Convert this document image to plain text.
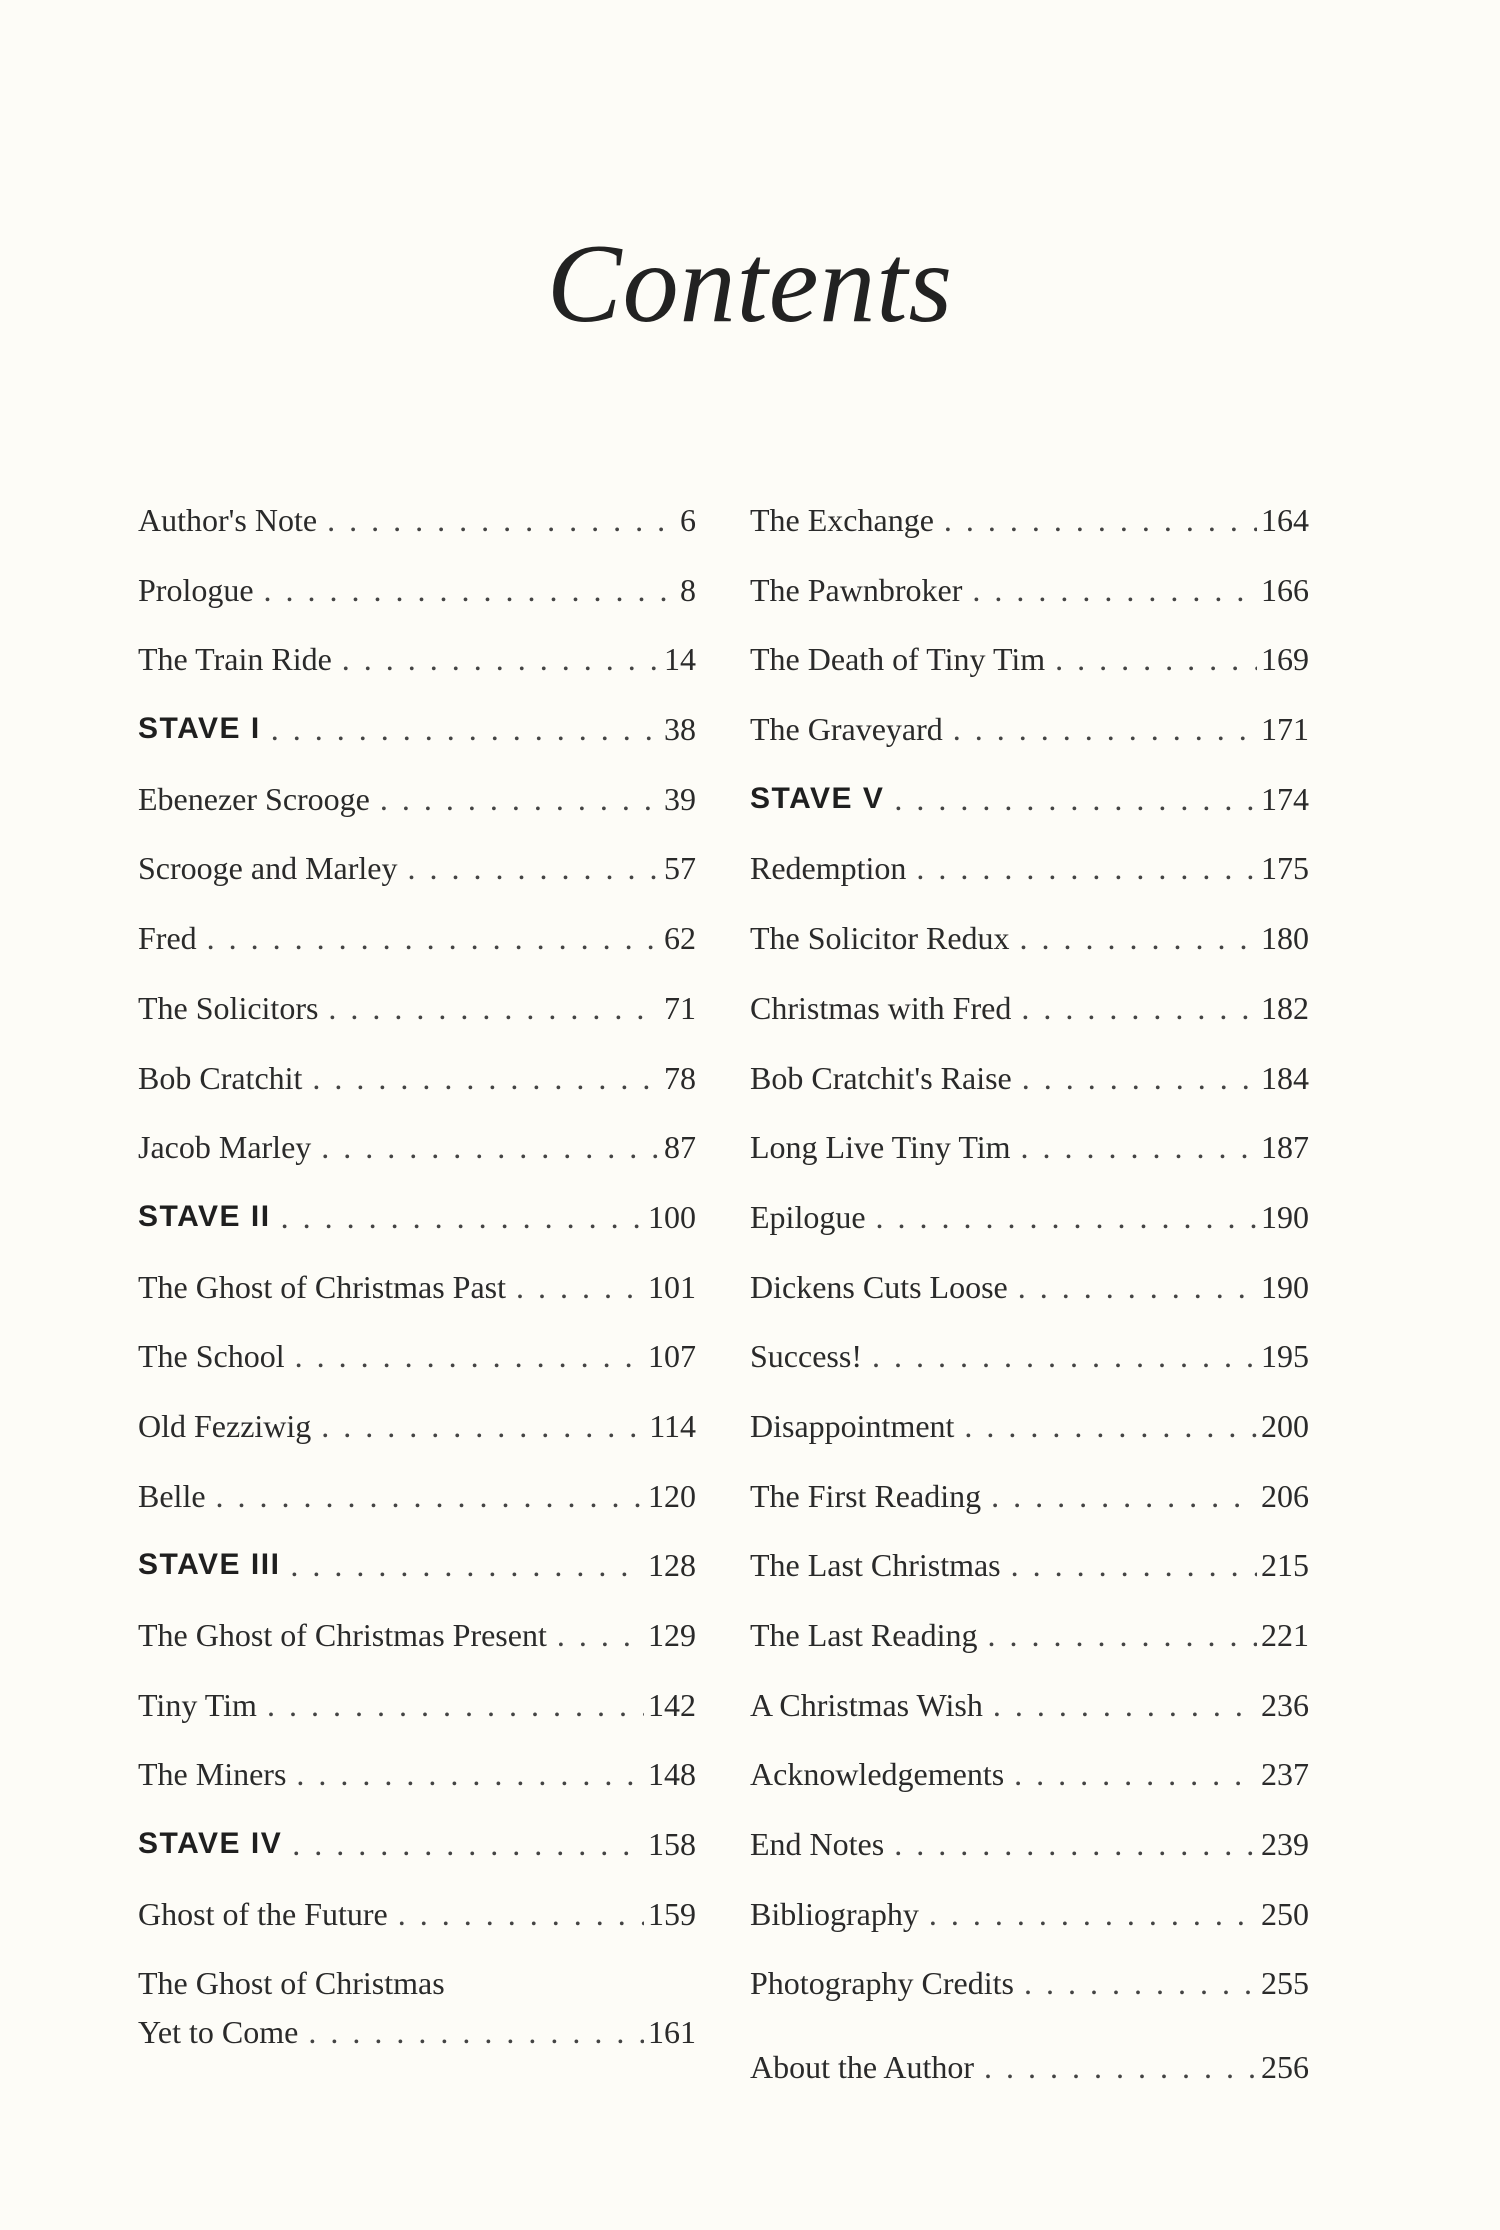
Contents
Author's Note . . .	6
Prologue . . .	8
The Train Ride . . .	14
STAVE I . . .	38
Ebenezer Scrooge . . .	39
Scrooge and Marley . . .	57
Fred . . .	62
The Solicitors . . .	71
Bob Cratchit . . .	78
Jacob Marley . . .	87
STAVE II . . .	100
The Ghost of Christmas Past . . .	101
The School . . .	107
Old Fezziwig . . .	114
Belle . . .	120
STAVE III . . .	128
The Ghost of Christmas Present . . .	129
Tiny Tim . . .	142
The Miners . . .	148
STAVE IV . . .	158
Ghost of the Future . . .	159
The Ghost of Christmas
Yet to Come . . .	161
The Exchange . . .	164
The Pawnbroker . . .	166
The Death of Tiny Tim . . .	169
The Graveyard . . .	171
STAVE V . . .	174
Redemption . . .	175
The Solicitor Redux . . .	180
Christmas with Fred . . .	182
Bob Cratchit's Raise . . .	184
Long Live Tiny Tim . . .	187
Epilogue . . .	190
Dickens Cuts Loose . . .	190
Success! . . .	195
Disappointment . . .	200
The First Reading . . .	206
The Last Christmas . . .	215
The Last Reading . . .	221
A Christmas Wish . . .	236
Acknowledgements . . .	237
End Notes . . .	239
Bibliography . . .	250
Photography Credits . . .	255
About the Author . . .	256
